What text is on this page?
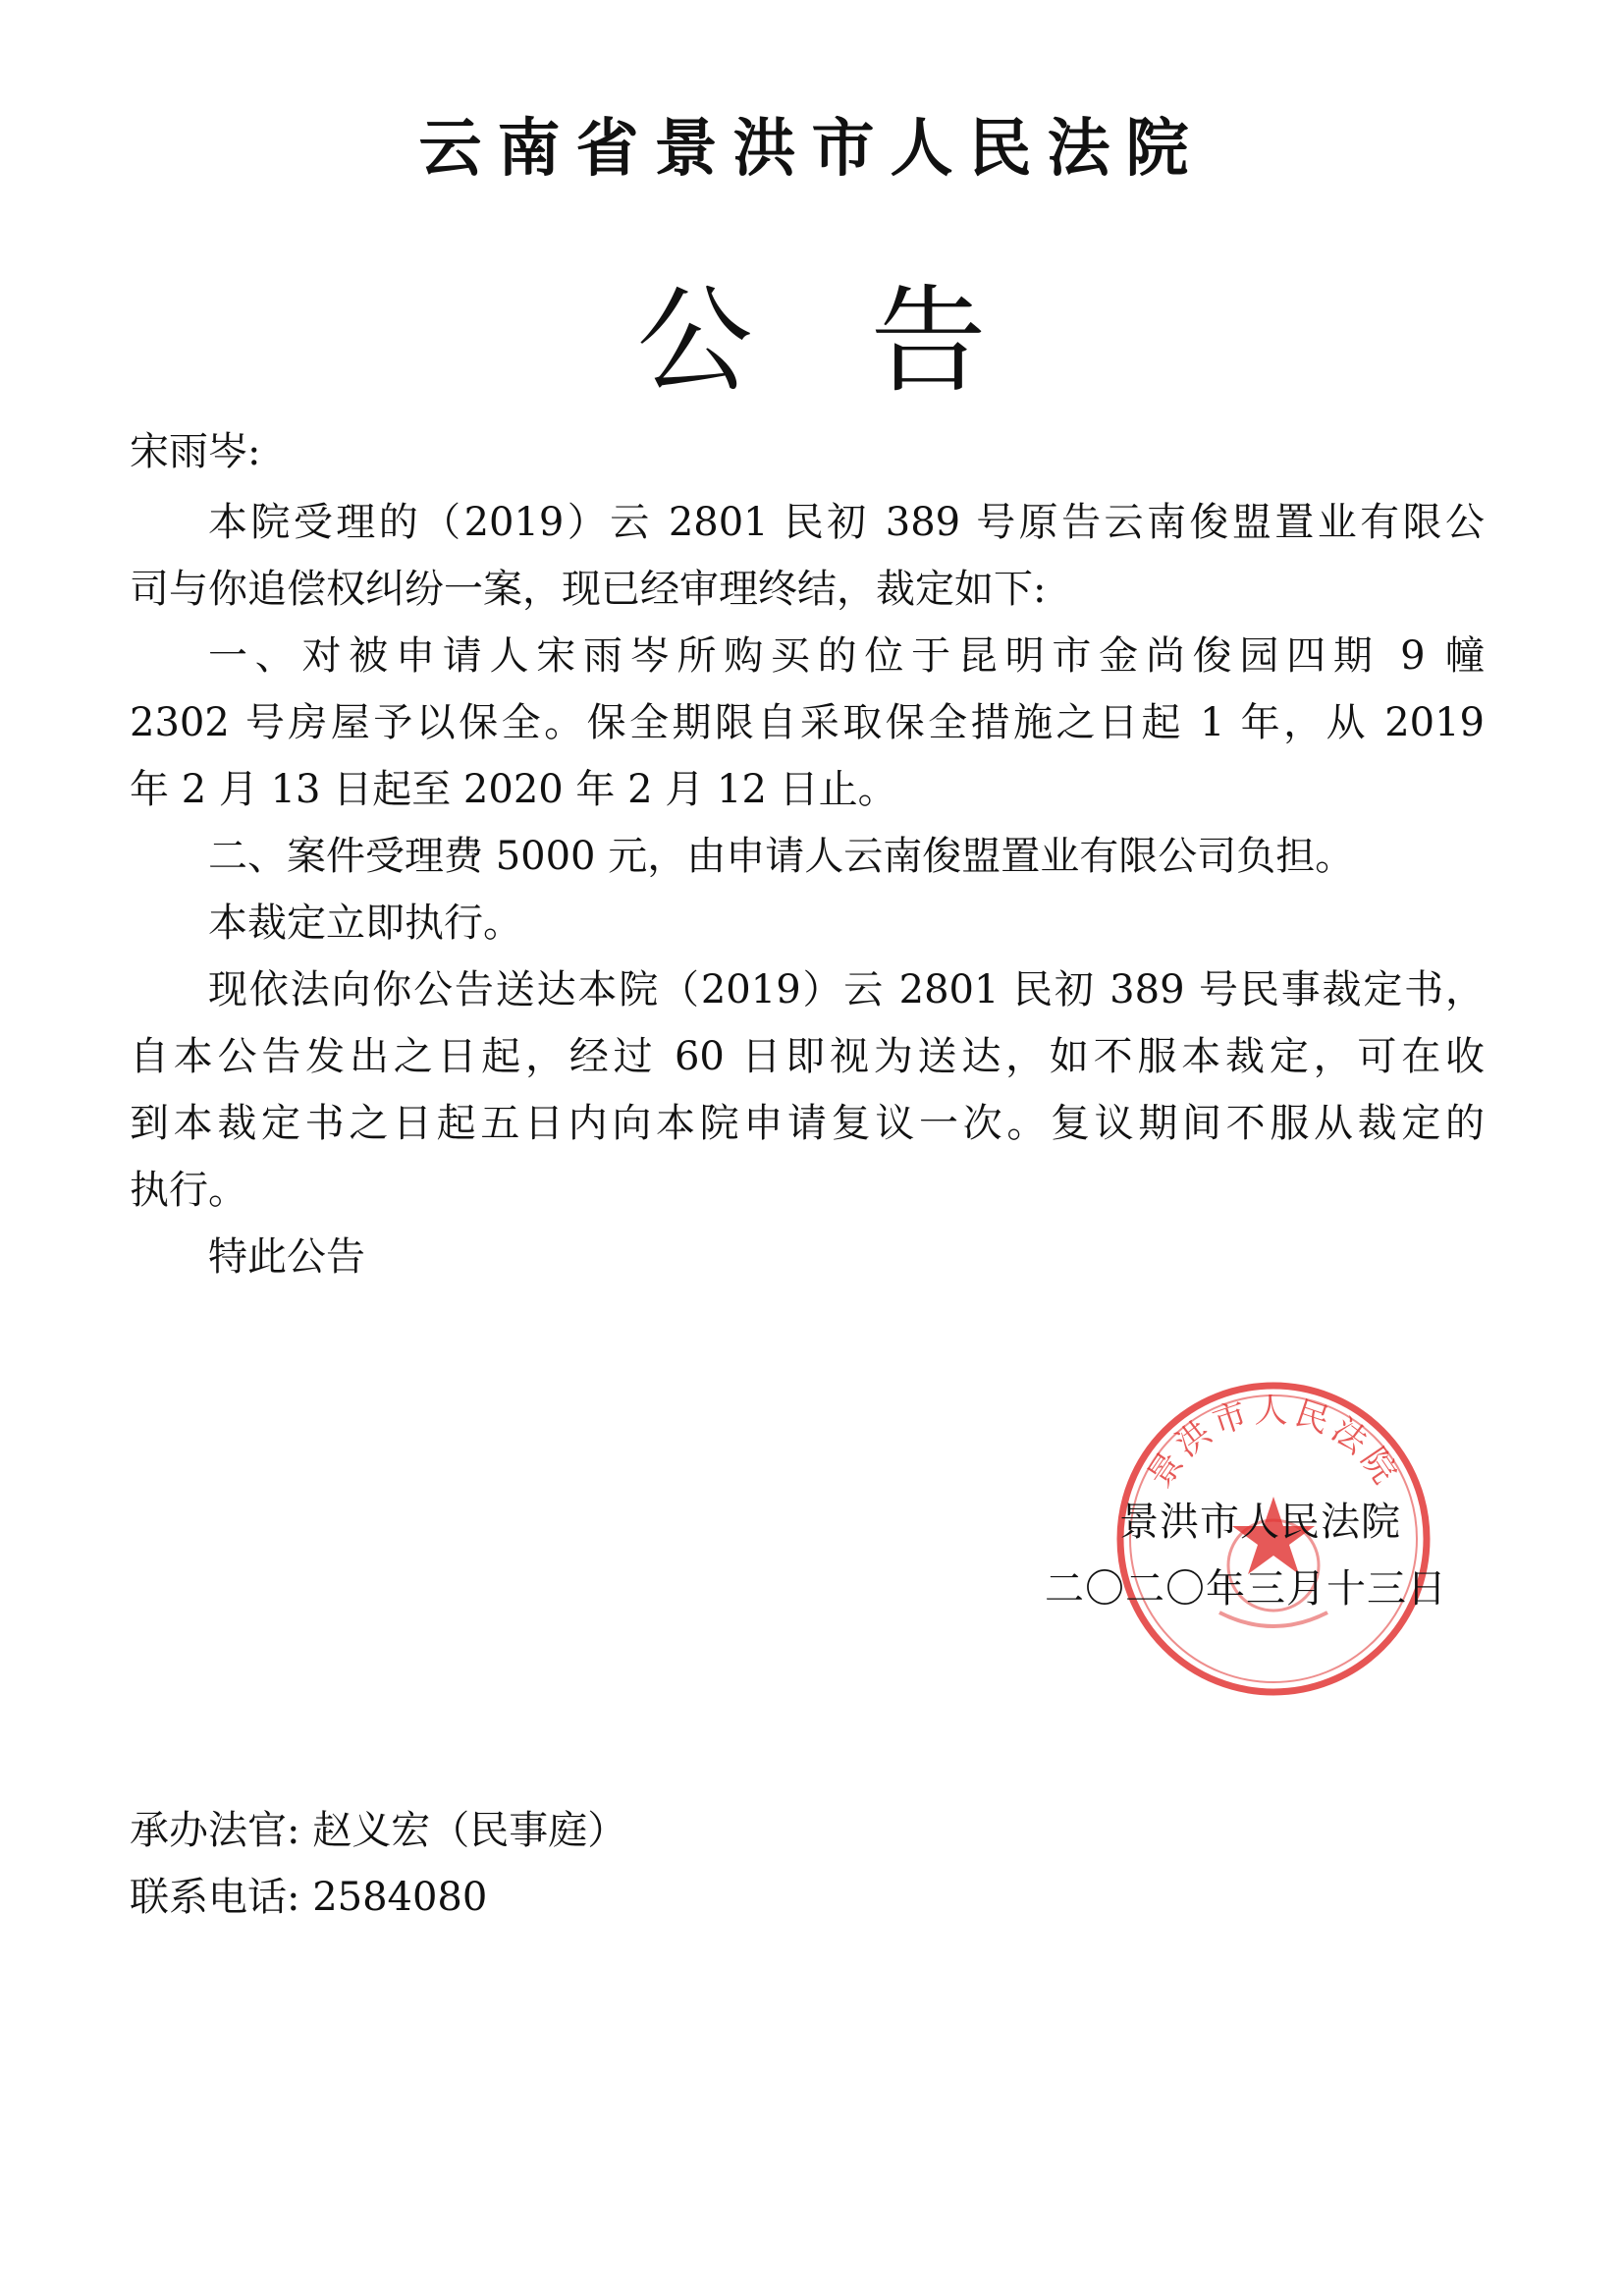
云南省景洪市人民法院
公告
宋雨岑:
本院受理的（2019）云 2801 民初 389 号原告云南俊盟置业有限公
司与你追偿权纠纷一案，现已经审理终结，裁定如下:
一、对被申请人宋雨岑所购买的位于昆明市金尚俊园四期 9 幢
2302 号房屋予以保全。保全期限自采取保全措施之日起 1 年，从 2019
年 2 月 13 日起至 2020 年 2 月 12 日止。
二、案件受理费 5000 元，由申请人云南俊盟置业有限公司负担。
本裁定立即执行。
现依法向你公告送达本院（2019）云 2801 民初 389 号民事裁定书，
自本公告发出之日起，经过 60 日即视为送达，如不服本裁定，可在收
到本裁定书之日起五日内向本院申请复议一次。复议期间不服从裁定的
执行。
特此公告
景洪市人民法院
景洪市人民法院
二〇二〇年三月十三日
承办法官: 赵义宏（民事庭）
联系电话: 2584080
